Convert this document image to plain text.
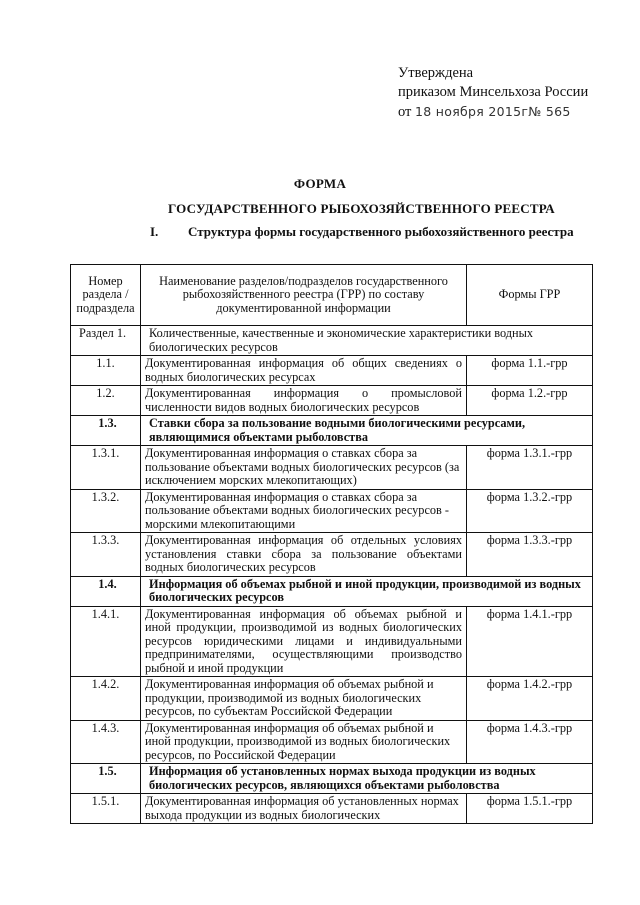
Утверждена
приказом Минсельхоза России
от 18 ноября 2015г№ 565
ФОРМА
ГОСУДАРСТВЕННОГО РЫБОХОЗЯЙСТВЕННОГО РЕЕСТРА
I. Структура формы государственного рыбохозяйственного реестра
Номер раздела / подраздела	Наименование разделов/подразделов государственного рыбохозяйственного реестра (ГРР) по составу документированной информации	Формы ГРР
Раздел 1.	Количественные, качественные и экономические характеристики водных биологических ресурсов	
1.1.	Документированная информация об общих сведениях о водных биологических ресурсах	форма 1.1.-грр
1.2.	Документированная информация о промысловой численности видов водных биологических ресурсов	форма 1.2.-грр
1.3.	Ставки сбора за пользование водными биологическими ресурсами, являющимися объектами рыболовства	
1.3.1.	Документированная информация о ставках сбора за пользование объектами водных биологических ресурсов (за исключением морских млекопитающих)	форма 1.3.1.-грр
1.3.2.	Документированная информация о ставках сбора за пользование объектами водных биологических ресурсов - морскими млекопитающими	форма 1.3.2.-грр
1.3.3.	Документированная информация об отдельных условиях установления ставки сбора за пользование объектами водных биологических ресурсов	форма 1.3.3.-грр
1.4.	Информация об объемах рыбной и иной продукции, производимой из водных биологических ресурсов	
1.4.1.	Документированная информация об объемах рыбной и иной продукции, производимой из водных биологических ресурсов юридическими лицами и индивидуальными предпринимателями, осуществляющими производство рыбной и иной продукции	форма 1.4.1.-грр
1.4.2.	Документированная информация об объемах рыбной и продукции, производимой из водных биологических ресурсов, по субъектам Российской Федерации	форма 1.4.2.-грр
1.4.3.	Документированная информация об объемах рыбной и иной продукции, производимой из водных биологических ресурсов, по Российской Федерации	форма 1.4.3.-грр
1.5.	Информация об установленных нормах выхода продукции из водных биологических ресурсов, являющихся объектами рыболовства	
1.5.1.	Документированная информация об установленных нормах выхода продукции из водных биологических	форма 1.5.1.-грр
